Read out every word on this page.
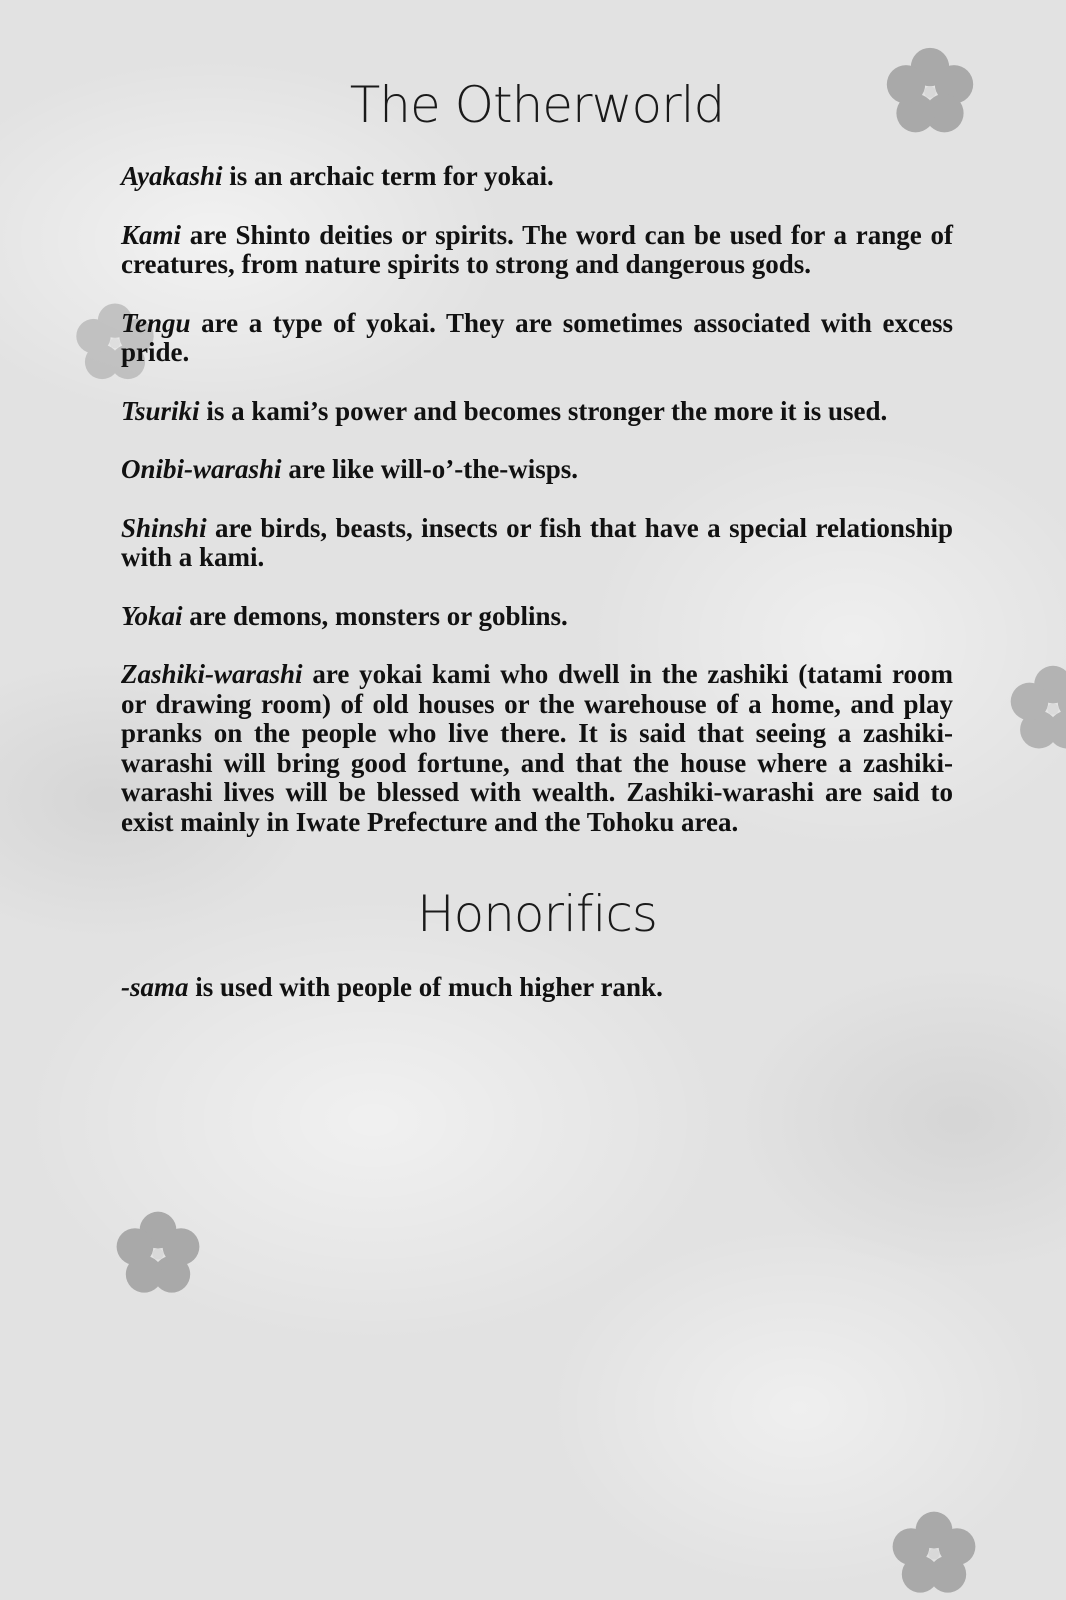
The Otherworld

Ayakashi is an archaic term for yokai.

Kami are Shinto deities or spirits. The word can be used for a range of creatures, from nature spirits to strong and dangerous gods.

Tengu are a type of yokai. They are sometimes associated with excess pride.

Tsuriki is a kami’s power and becomes stronger the more it is used.

Onibi-warashi are like will-o’-the-wisps.

Shinshi are birds, beasts, insects or fish that have a special relationship with a kami.

Yokai are demons, monsters or goblins.

Zashiki-warashi are yokai kami who dwell in the zashiki (tatami room or drawing room) of old houses or the warehouse of a home, and play pranks on the people who live there. It is said that seeing a zashiki-warashi will bring good fortune, and that the house where a zashiki-warashi lives will be blessed with wealth. Zashiki-warashi are said to exist mainly in Iwate Prefecture and the Tohoku area.

Honorifics

-sama is used with people of much higher rank.
